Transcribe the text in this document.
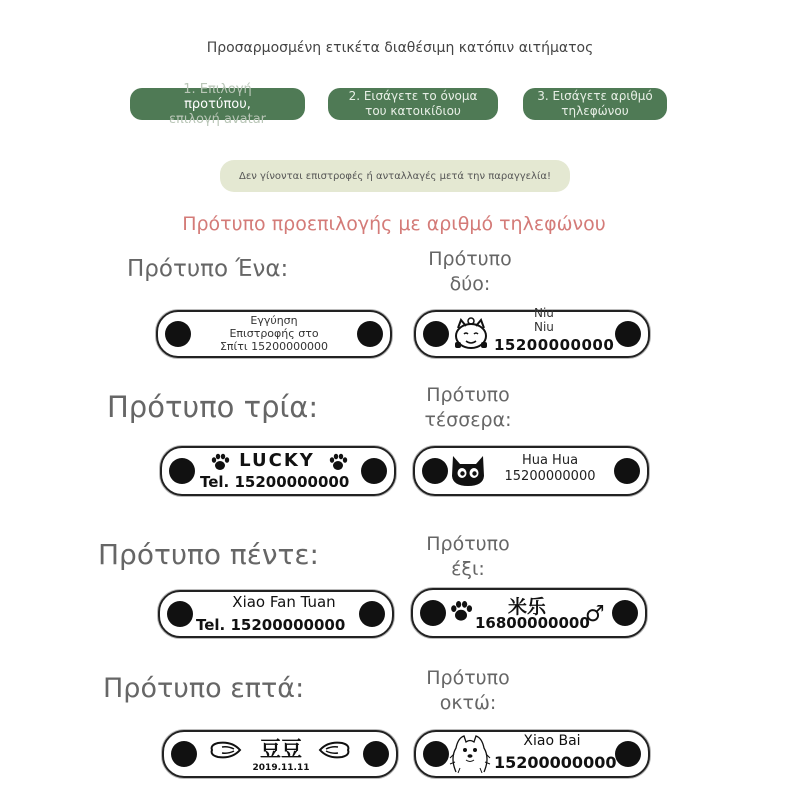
Προσαρμοσμένη ετικέτα διαθέσιμη κατόπιν αιτήματος
1. Επιλογή
προτύπου,
επιλογή avatar
2. Εισάγετε το όνομα
του κατοικίδιου
3. Εισάγετε αριθμό
τηλεφώνου
Δεν γίνονται επιστροφές ή ανταλλαγές μετά την παραγγελία!
Πρότυπο προεπιλογής με αριθμό τηλεφώνου
Πρότυπο Ένα:
Εγγύηση
Επιστροφής στο
Σπίτι 15200000000
Πρότυπο
δύο:
Niu
Niu
15200000000
Πρότυπο τρία:
LUCKY
Tel. 15200000000
Πρότυπο
τέσσερα:
Hua Hua
15200000000
Πρότυπο πέντε:
Xiao Fan Tuan
Tel. 15200000000
Πρότυπο
έξι:
米乐
16800000000
♂
Πρότυπο επτά:
豆豆
2019.11.11
Πρότυπο
οκτώ:
Xiao Bai
15200000000
